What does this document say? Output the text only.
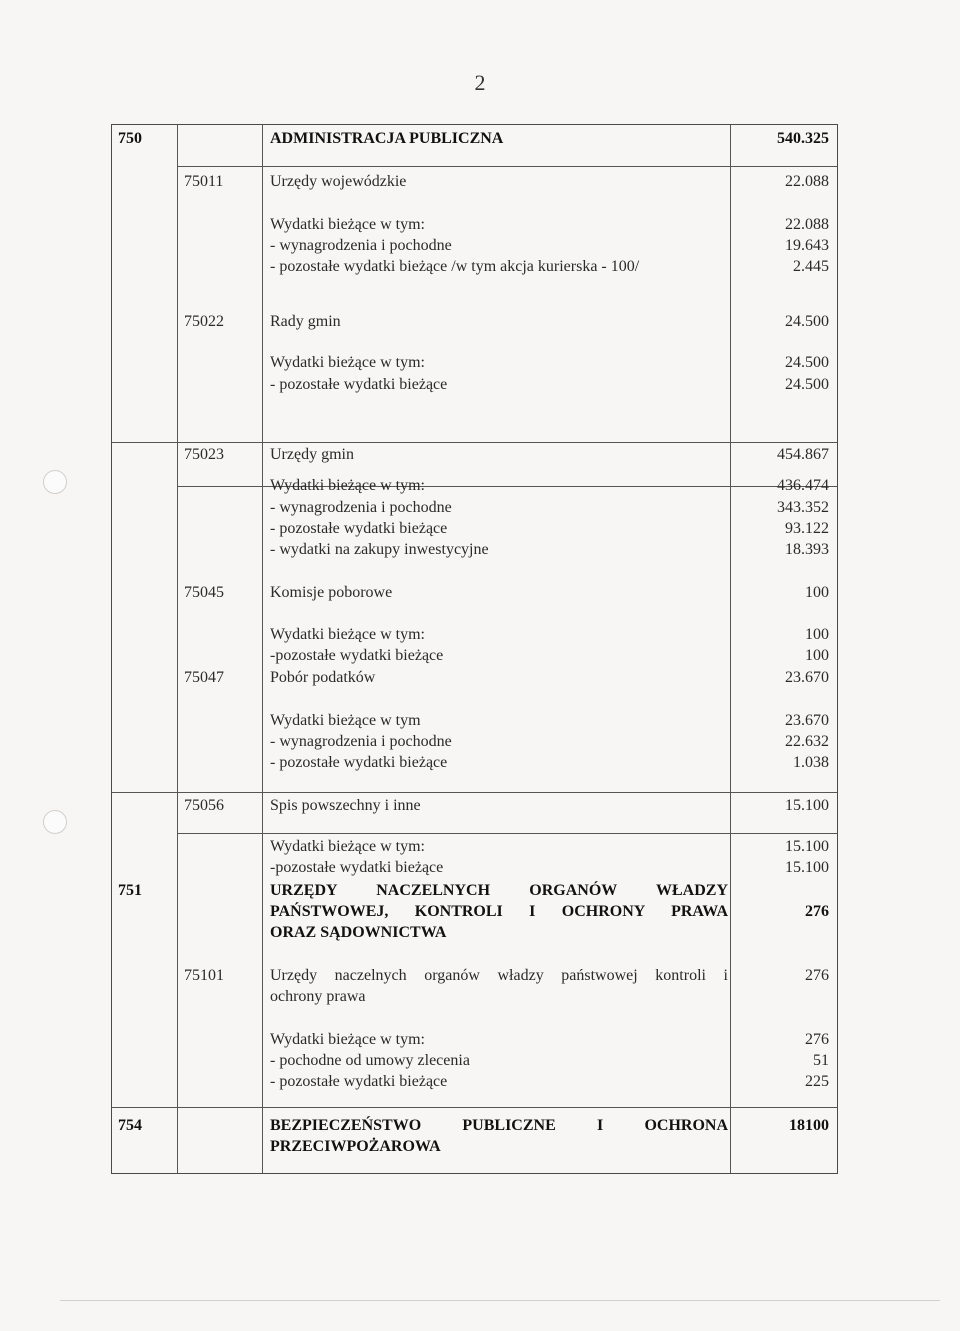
2
750	ADMINISTRACJA PUBLICZNA	540.325
75011	Urzędy wojewódzkie	22.088
Wydatki bieżące w tym:	22.088
- wynagrodzenia i pochodne	19.643
- pozostałe wydatki bieżące /w tym akcja kurierska - 100/	2.445
75022	Rady gmin	24.500
Wydatki bieżące w tym:	24.500
- pozostałe wydatki bieżące	24.500
75023	Urzędy gmin	454.867
Wydatki bieżące w tym:	436.474
- wynagrodzenia i pochodne	343.352
- pozostałe wydatki bieżące	93.122
- wydatki na zakupy inwestycyjne	18.393
75045	Komisje poborowe	100
Wydatki bieżące w tym:	100
-pozostałe wydatki bieżące	100
75047	Pobór podatków	23.670
Wydatki bieżące w tym	23.670
- wynagrodzenia i pochodne	22.632
- pozostałe wydatki bieżące	1.038
75056	Spis powszechny i inne	15.100
Wydatki bieżące w tym:	15.100
-pozostałe wydatki bieżące	15.100
751	URZĘDY NACZELNYCH ORGANÓW WŁADZY
PAŃSTWOWEJ, KONTROLI I OCHRONY PRAWA
ORAZ SĄDOWNICTWA
276
75101	Urzędy naczelnych organów władzy państwowej kontroli i
ochrony prawa
276
Wydatki bieżące w tym:	276
- pochodne od umowy zlecenia	51
- pozostałe wydatki bieżące	225
754	BEZPIECZEŃSTWO PUBLICZNE I OCHRONA
PRZECIWPOŻAROWA
18100
